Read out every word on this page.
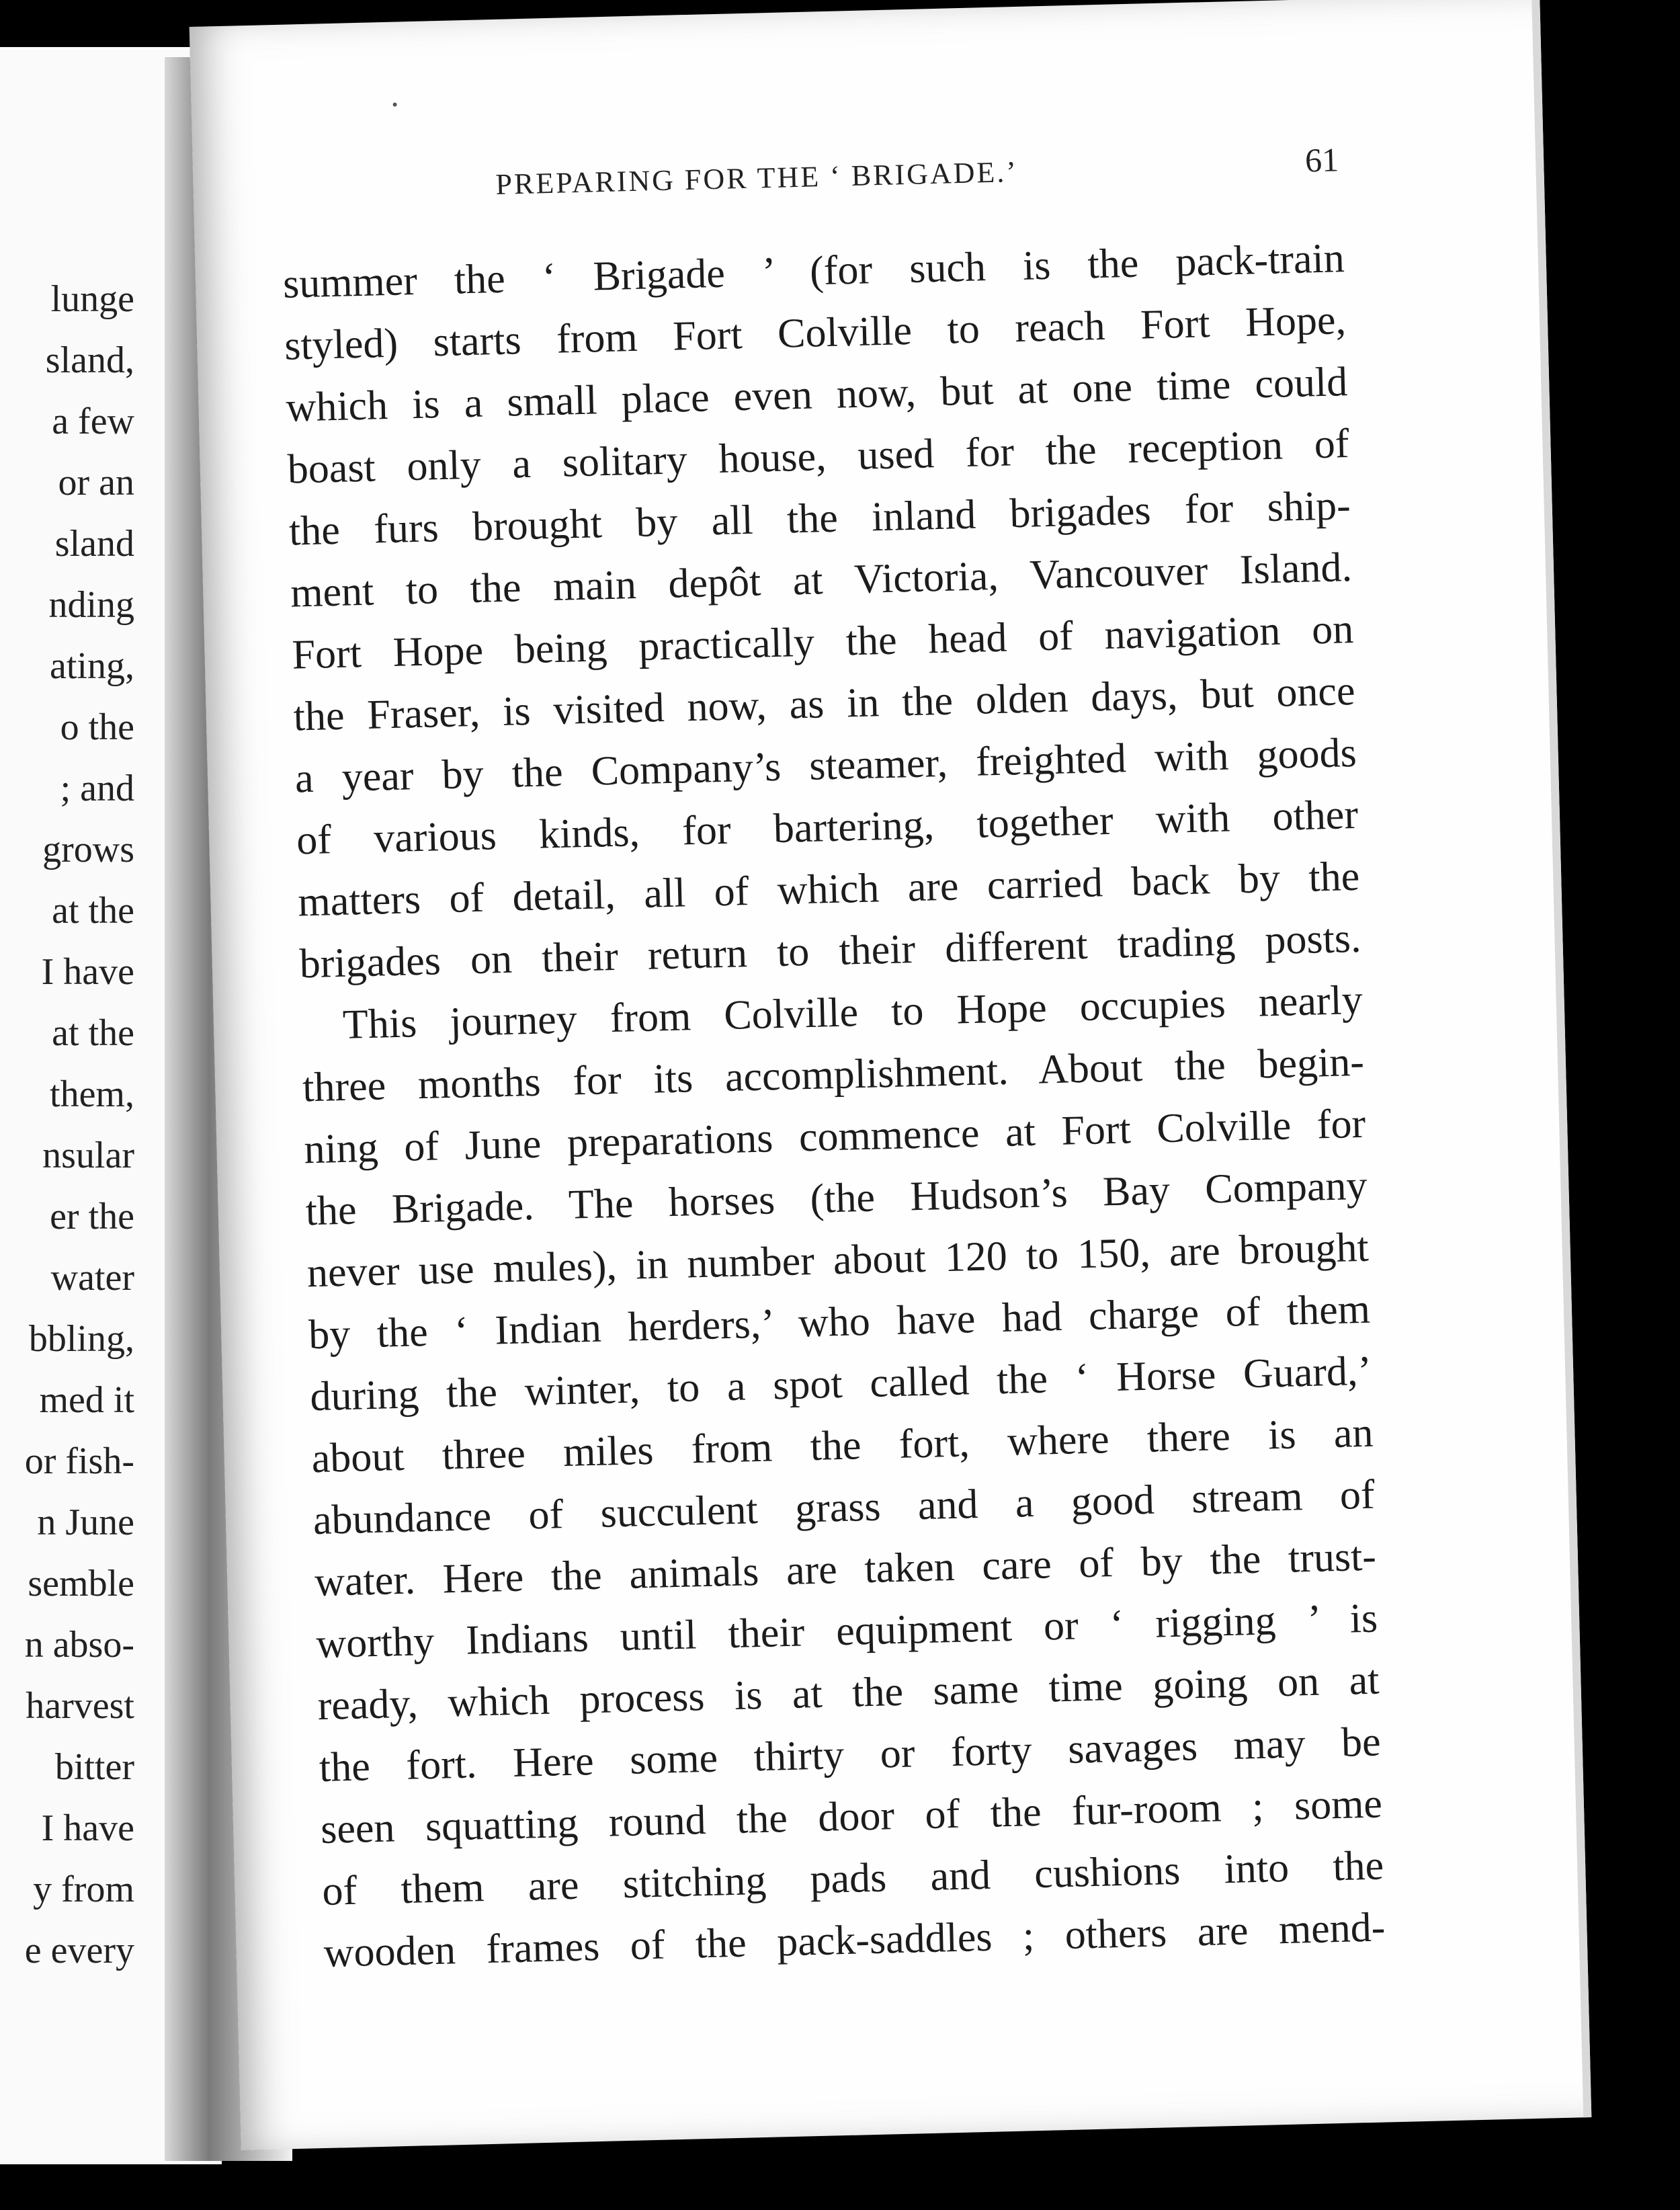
lunge
sland,
a few
or an
sland
nding
ating,
o the
; and
grows
at the
I have
at the
them,
nsular
er the
water
bbling,
med it
or fish-
n June
semble
n abso-
harvest
bitter
I have
y from
e every
PREPARING FOR THE ‘ BRIGADE.’	61
summer the ‘ Brigade ’ (for such is the pack-train
styled) starts from Fort Colville to reach Fort Hope,
which is a small place even now, but at one time could
boast only a solitary house, used for the reception of
the furs brought by all the inland brigades for ship-
ment to the main depôt at Victoria, Vancouver Island.
Fort Hope being practically the head of navigation on
the Fraser, is visited now, as in the olden days, but once
a year by the Company’s steamer, freighted with goods
of various kinds, for bartering, together with other
matters of detail, all of which are carried back by the
brigades on their return to their different trading posts.
This journey from Colville to Hope occupies nearly
three months for its accomplishment. About the begin-
ning of June preparations commence at Fort Colville for
the Brigade. The horses (the Hudson’s Bay Company
never use mules), in number about 120 to 150, are brought
by the ‘ Indian herders,’ who have had charge of them
during the winter, to a spot called the ‘ Horse Guard,’
about three miles from the fort, where there is an
abundance of succulent grass and a good stream of
water. Here the animals are taken care of by the trust-
worthy Indians until their equipment or ‘ rigging ’ is
ready, which process is at the same time going on at
the fort. Here some thirty or forty savages may be
seen squatting round the door of the fur-room ; some
of them are stitching pads and cushions into the
wooden frames of the pack-saddles ; others are mend-
